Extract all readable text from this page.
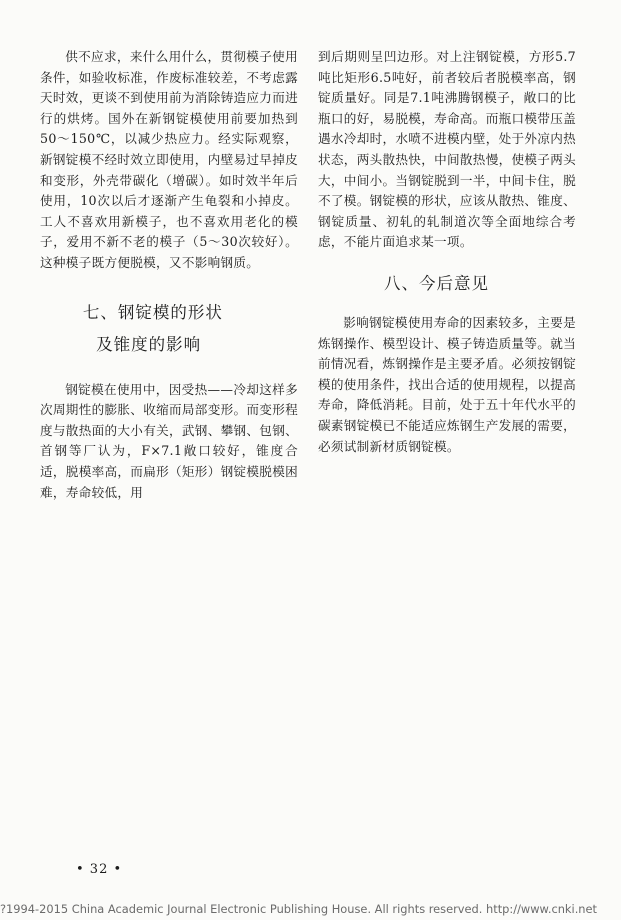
供不应求，来什么用什么，贯彻模子使用条件，如验收标准，作废标准较差，不考虑露天时效，更谈不到使用前为消除铸造应力而进行的烘烤。国外在新钢锭模使用前要加热到50～150℃，以减少热应力。经实际观察，新钢锭模不经时效立即使用，内壁易过早掉皮和变形，外壳带碳化（增碳）。如时效半年后使用，10次以后才逐渐产生龟裂和小掉皮。工人不喜欢用新模子，也不喜欢用老化的模子，爱用不新不老的模子（5～30次较好）。这种模子既方便脱模，又不影响钢质。

七、钢锭模的形状
及锥度的影响

钢锭模在使用中，因受热——冷却这样多次周期性的膨胀、收缩而局部变形。而变形程度与散热面的大小有关，武钢、攀钢、包钢、首钢等厂认为，F×7.1敞口较好，锥度合适，脱模率高，而扁形（矩形）钢锭模脱模困难，寿命较低，用

到后期则呈凹边形。对上注钢锭模，方形5.7吨比矩形6.5吨好，前者较后者脱模率高，钢锭质量好。同是7.1吨沸腾钢模子，敞口的比瓶口的好，易脱模，寿命高。而瓶口模带压盖遇水冷却时，水喷不进模内壁，处于外凉内热状态，两头散热快，中间散热慢，使模子两头大，中间小。当钢锭脱到一半，中间卡住，脱不了模。钢锭模的形状，应该从散热、锥度、钢锭质量、初轧的轧制道次等全面地综合考虑，不能片面追求某一项。

八、今后意见

影响钢锭模使用寿命的因素较多，主要是炼钢操作、模型设计、模子铸造质量等。就当前情况看，炼钢操作是主要矛盾。必须按钢锭模的使用条件，找出合适的使用规程，以提高寿命，降低消耗。目前，处于五十年代水平的碳素钢锭模已不能适应炼钢生产发展的需要，必须试制新材质钢锭模。

• 32 •
?1994-2015 China Academic Journal Electronic Publishing House. All rights reserved. http://www.cnki.net
